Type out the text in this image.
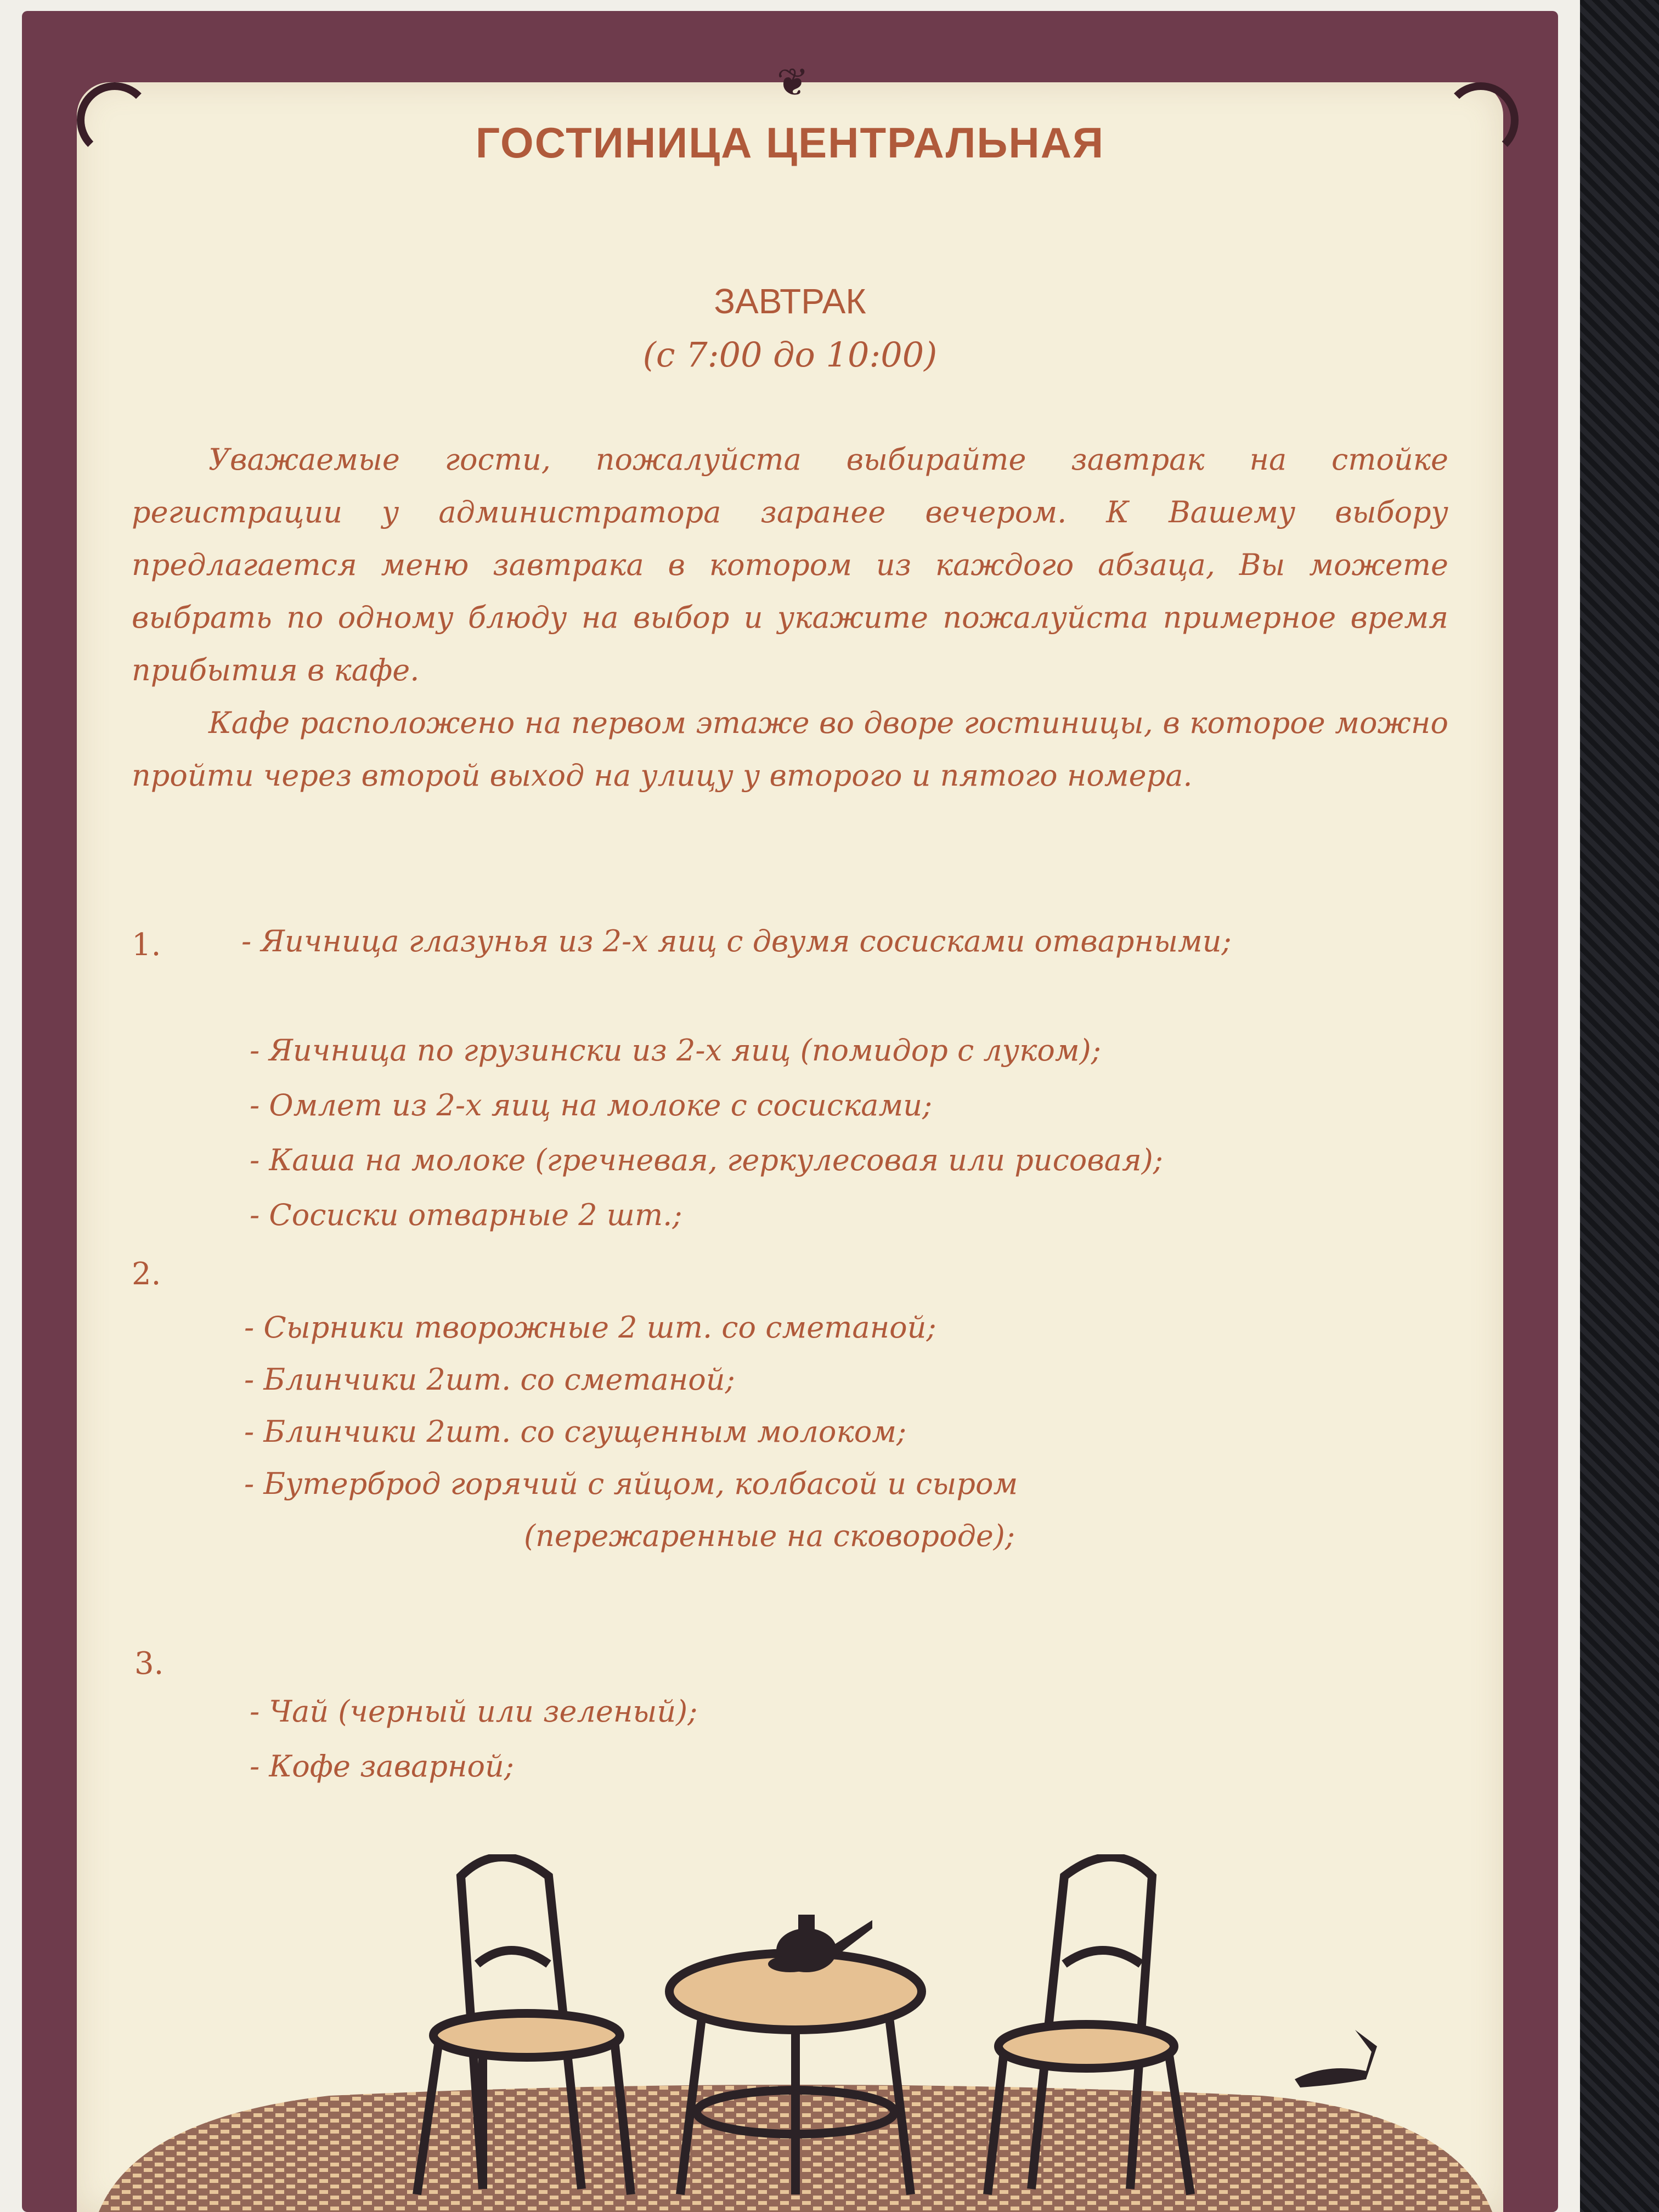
❦
ГОСТИНИЦА ЦЕНТРАЛЬНАЯ
ЗАВТРАК
(с 7:00 до 10:00)
Уважаемые гости, пожалуйста выбирайте завтрак на стойке регистрации у администратора заранее вечером. К Вашему выбору предлагается меню завтрака в котором из каждого абзаца, Вы можете выбрать по одному блюду на выбор и укажите пожалуйста примерное время прибытия в кафе.
Кафе расположено на первом этаже во дворе гостиницы, в которое можно пройти через второй выход на улицу у второго и пятого номера.
1.	- Яичница глазунья из 2-х яиц с двумя сосисками отварными;
- Яичница по грузински из 2-х яиц (помидор с луком);
- Омлет из 2-х яиц на молоке с сосисками;
- Каша на молоке (гречневая, геркулесовая или рисовая);
- Сосиски отварные 2 шт.;
2.
- Сырники творожные 2 шт. со сметаной;
- Блинчики 2шт. со сметаной;
- Блинчики 2шт. со сгущенным молоком;
- Бутерброд горячий с яйцом, колбасой и сыром
(пережаренные на сковороде);
3.
- Чай (черный или зеленый);
- Кофе заварной;
